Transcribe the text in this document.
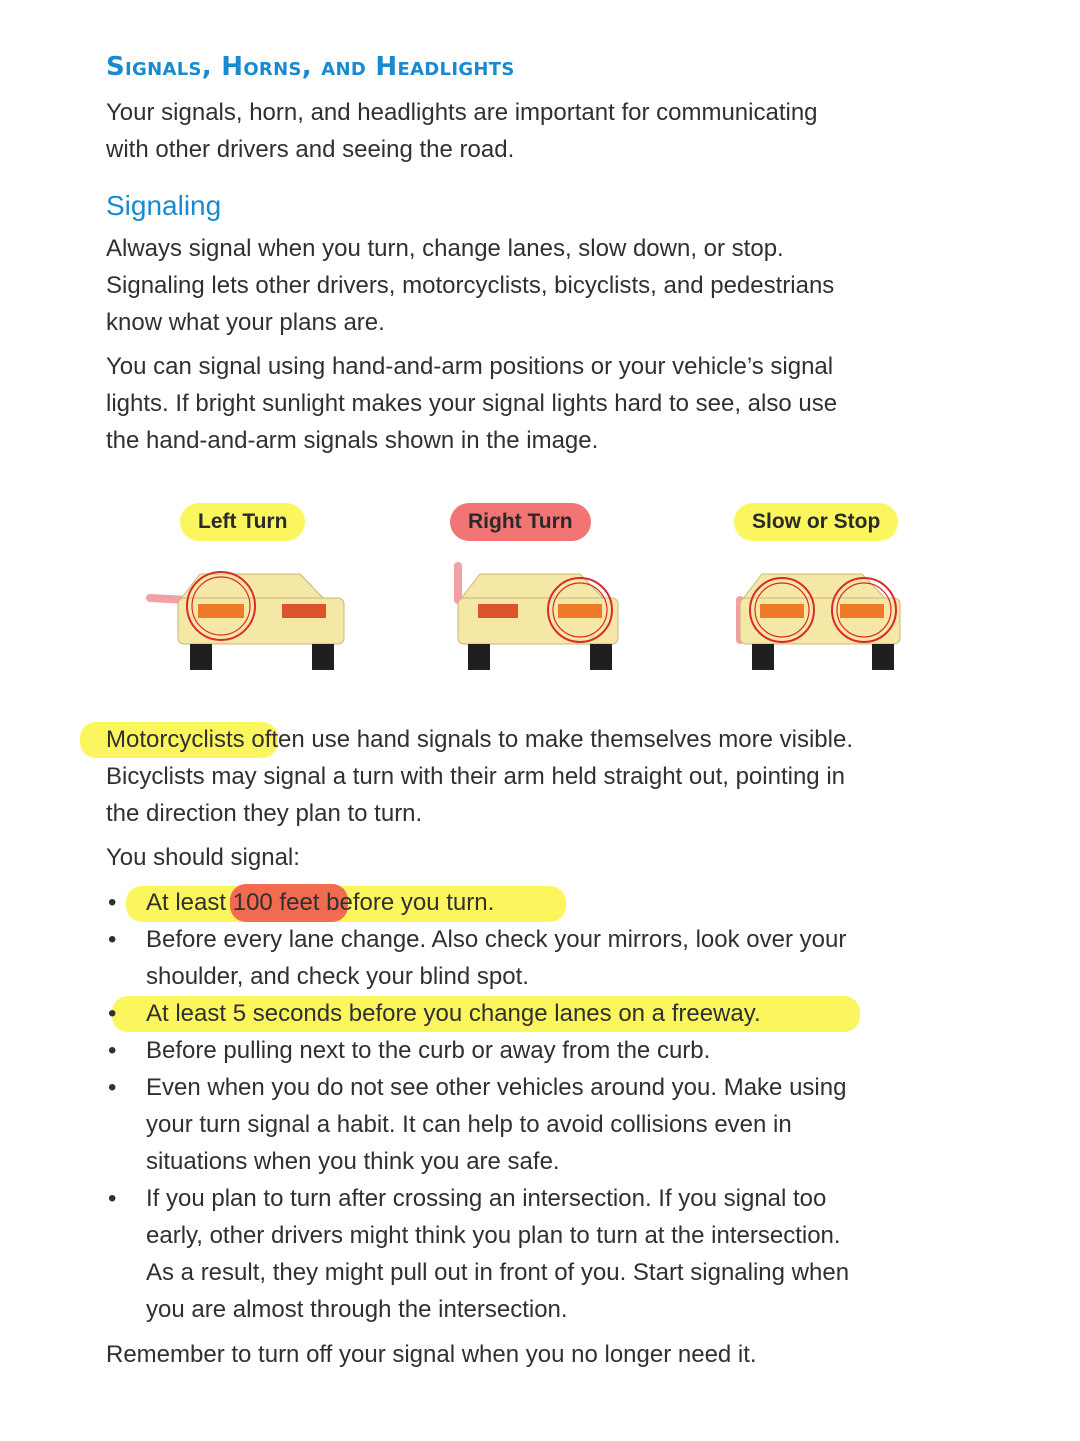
Signals, Horns, and Headlights

Your signals, horn, and headlights are important for communicating
with other drivers and seeing the road.

Signaling

Always signal when you turn, change lanes, slow down, or stop.
Signaling lets other drivers, motorcyclists, bicyclists, and pedestrians
know what your plans are.

You can signal using hand-and-arm positions or your vehicle’s signal
lights. If bright sunlight makes your signal lights hard to see, also use
the hand-and-arm signals shown in the image.

Left Turn	Right Turn	Slow or Stop

Motorcyclists often use hand signals to make themselves more visible.
Bicyclists may signal a turn with their arm held straight out, pointing in
the direction they plan to turn.

You should signal:

• At least 100 feet before you turn.
• Before every lane change. Also check your mirrors, look over your
shoulder, and check your blind spot.
• At least 5 seconds before you change lanes on a freeway.
• Before pulling next to the curb or away from the curb.
• Even when you do not see other vehicles around you. Make using
your turn signal a habit. It can help to avoid collisions even in
situations when you think you are safe.
• If you plan to turn after crossing an intersection. If you signal too
early, other drivers might think you plan to turn at the intersection.
As a result, they might pull out in front of you. Start signaling when
you are almost through the intersection.

Remember to turn off your signal when you no longer need it.
